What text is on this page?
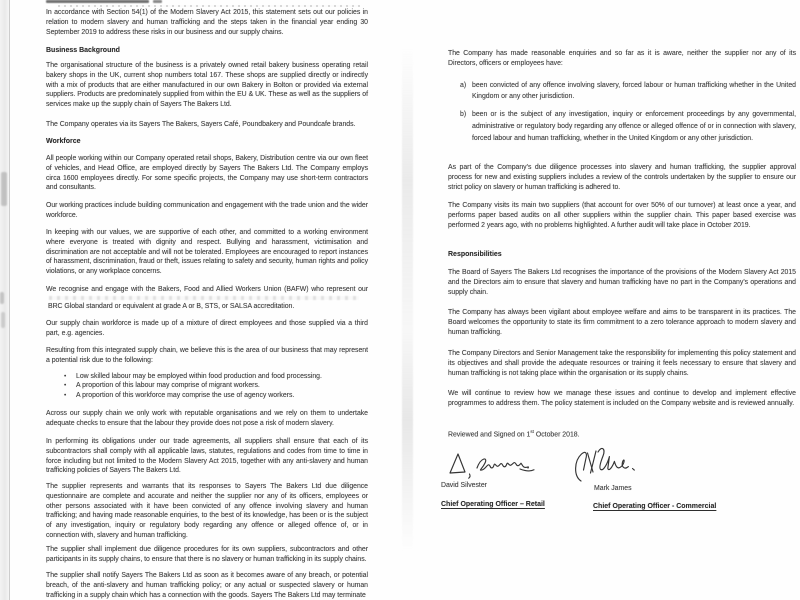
In accordance with Section 54(1) of the Modern Slavery Act 2015, this statement sets out our policies in relation to modern slavery and human trafficking and the steps taken in the financial year ending 30 September 2019 to address these risks in our business and our supply chains.
Business Background
The organisational structure of the business is a privately owned retail bakery business operating retail bakery shops in the UK, current shop numbers total 167. These shops are supplied directly or indirectly with a mix of products that are either manufactured in our own Bakery in Bolton or provided via external suppliers. Products are predominately supplied from within the EU & UK. These as well as the suppliers of services make up the supply chain of Sayers The Bakers Ltd.
The Company operates via its Sayers The Bakers, Sayers Café, Poundbakery and Poundcafe brands.
Workforce
All people working within our Company operated retail shops, Bakery, Distribution centre via our own fleet of vehicles, and Head Office, are employed directly by Sayers The Bakers Ltd. The Company employs circa 1600 employees directly. For some specific projects, the Company may use short-term contractors and consultants.
Our working practices include building communication and engagement with the trade union and the wider workforce.
In keeping with our values, we are supportive of each other, and committed to a working environment where everyone is treated with dignity and respect. Bullying and harassment, victimisation and discrimination are not acceptable and will not be tolerated. Employees are encouraged to report instances of harassment, discrimination, fraud or theft, issues relating to safety and security, human rights and policy violations, or any workplace concerns.
We recognise and engage with the Bakers, Food and Allied Workers Union (BAFW) who represent our
BRC Global standard or equivalent at grade A or B, STS, or SALSA accreditation.
Our supply chain workforce is made up of a mixture of direct employees and those supplied via a third part, e.g. agencies.
Resulting from this integrated supply chain, we believe this is the area of our business that may represent a potential risk due to the following:
•	Low skilled labour may be employed within food production and food processing.
•	A proportion of this labour may comprise of migrant workers.
•	A proportion of this workforce may comprise the use of agency workers.
Across our supply chain we only work with reputable organisations and we rely on them to undertake adequate checks to ensure that the labour they provide does not pose a risk of modern slavery.
In performing its obligations under our trade agreements, all suppliers shall ensure that each of its subcontractors shall comply with all applicable laws, statutes, regulations and codes from time to time in force including but not limited to the Modern Slavery Act 2015, together with any anti-slavery and human trafficking policies of Sayers The Bakers Ltd.
The supplier represents and warrants that its responses to Sayers The Bakers Ltd due diligence questionnaire are complete and accurate and neither the supplier nor any of its officers, employees or other persons associated with it have been convicted of any offence involving slavery and human trafficking; and having made reasonable enquiries, to the best of its knowledge, has been or is the subject of any investigation, inquiry or regulatory body regarding any offence or alleged offence of, or in connection with, slavery and human trafficking.
The supplier shall implement due diligence procedures for its own suppliers, subcontractors and other participants in its supply chains, to ensure that there is no slavery or human trafficking in its supply chains.
The supplier shall notify Sayers The Bakers Ltd as soon as it becomes aware of any breach, or potential breach, of the anti-slavery and human trafficking policy; or any actual or suspected slavery or human trafficking in a supply chain which has a connection with the goods. Sayers The Bakers Ltd may terminate
The Company has made reasonable enquiries and so far as it is aware, neither the supplier nor any of its Directors, officers or employees have:
a) been convicted of any offence involving slavery, forced labour or human trafficking whether in the United Kingdom or any other jurisdiction.
b) been or is the subject of any investigation, inquiry or enforcement proceedings by any governmental, administrative or regulatory body regarding any offence or alleged offence of or in connection with slavery, forced labour and human trafficking, whether in the United Kingdom or any other jurisdiction.
As part of the Company’s due diligence processes into slavery and human trafficking, the supplier approval process for new and existing suppliers includes a review of the controls undertaken by the supplier to ensure our strict policy on slavery or human trafficking is adhered to.
The Company visits its main two suppliers (that account for over 50% of our turnover) at least once a year, and performs paper based audits on all other suppliers within the supplier chain. This paper based exercise was performed 2 years ago, with no problems highlighted. A further audit will take place in October 2019.
Responsibilities
The Board of Sayers The Bakers Ltd recognises the importance of the provisions of the Modern Slavery Act 2015 and the Directors aim to ensure that slavery and human trafficking have no part in the Company’s operations and supply chain.
The Company has always been vigilant about employee welfare and aims to be transparent in its practices. The Board welcomes the opportunity to state its firm commitment to a zero tolerance approach to modern slavery and human trafficking.
The Company Directors and Senior Management take the responsibility for implementing this policy statement and its objectives and shall provide the adequate resources or training it feels necessary to ensure that slavery and human trafficking is not taking place within the organisation or its supply chains.
We will continue to review how we manage these issues and continue to develop and implement effective programmes to address them. The policy statement is included on the Company website and is reviewed annually.
Reviewed and Signed on 1st October 2018.
David Silvester	Mark James
Chief Operating Officer – Retail	Chief Operating Officer - Commercial
